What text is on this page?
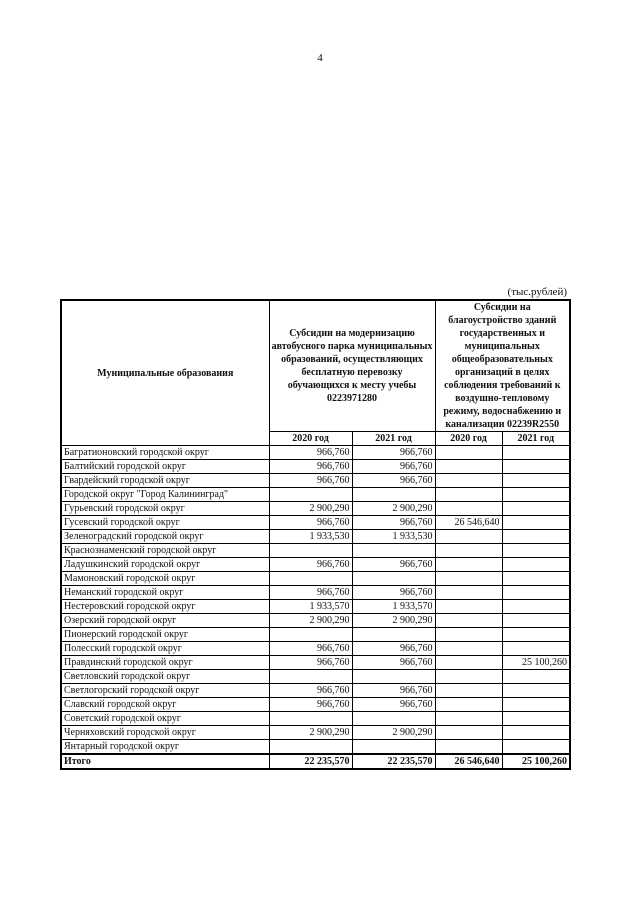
4
(тыс.рублей)
Муниципальные образования	Субсидии на модернизацию автобусного парка муниципальных образований, осуществляющих бесплатную перевозку обучающихся к месту учебы 0223971280		Субсидии на благоустройство зданий государственных и муниципальных общеобразовательных организаций в целях соблюдения требований к воздушно-тепловому режиму, водоснабжению и канализации 02239R2550	
	2020 год	2021 год	2020 год	2021 год
Багратионовский городской округ	966,760	966,760		
Балтийский городской округ	966,760	966,760		
Гвардейский городской округ	966,760	966,760		
Городской округ "Город Калининград"				
Гурьевский городской округ	2 900,290	2 900,290		
Гусевский городской округ	966,760	966,760	26 546,640	
Зеленоградский городской округ	1 933,530	1 933,530		
Краснознаменский городской округ				
Ладушкинский городской округ	966,760	966,760		
Мамоновский городской округ				
Неманский городской округ	966,760	966,760		
Нестеровский городской округ	1 933,570	1 933,570		
Озерский городской округ	2 900,290	2 900,290		
Пионерский городской округ				
Полесский городской округ	966,760	966,760		
Правдинский городской округ	966,760	966,760		25 100,260
Светловский городской округ				
Светлогорский городской округ	966,760	966,760		
Славский городской округ	966,760	966,760		
Советский городской округ				
Черняховский городской округ	2 900,290	2 900,290		
Янтарный городской округ				
Итого	22 235,570	22 235,570	26 546,640	25 100,260
